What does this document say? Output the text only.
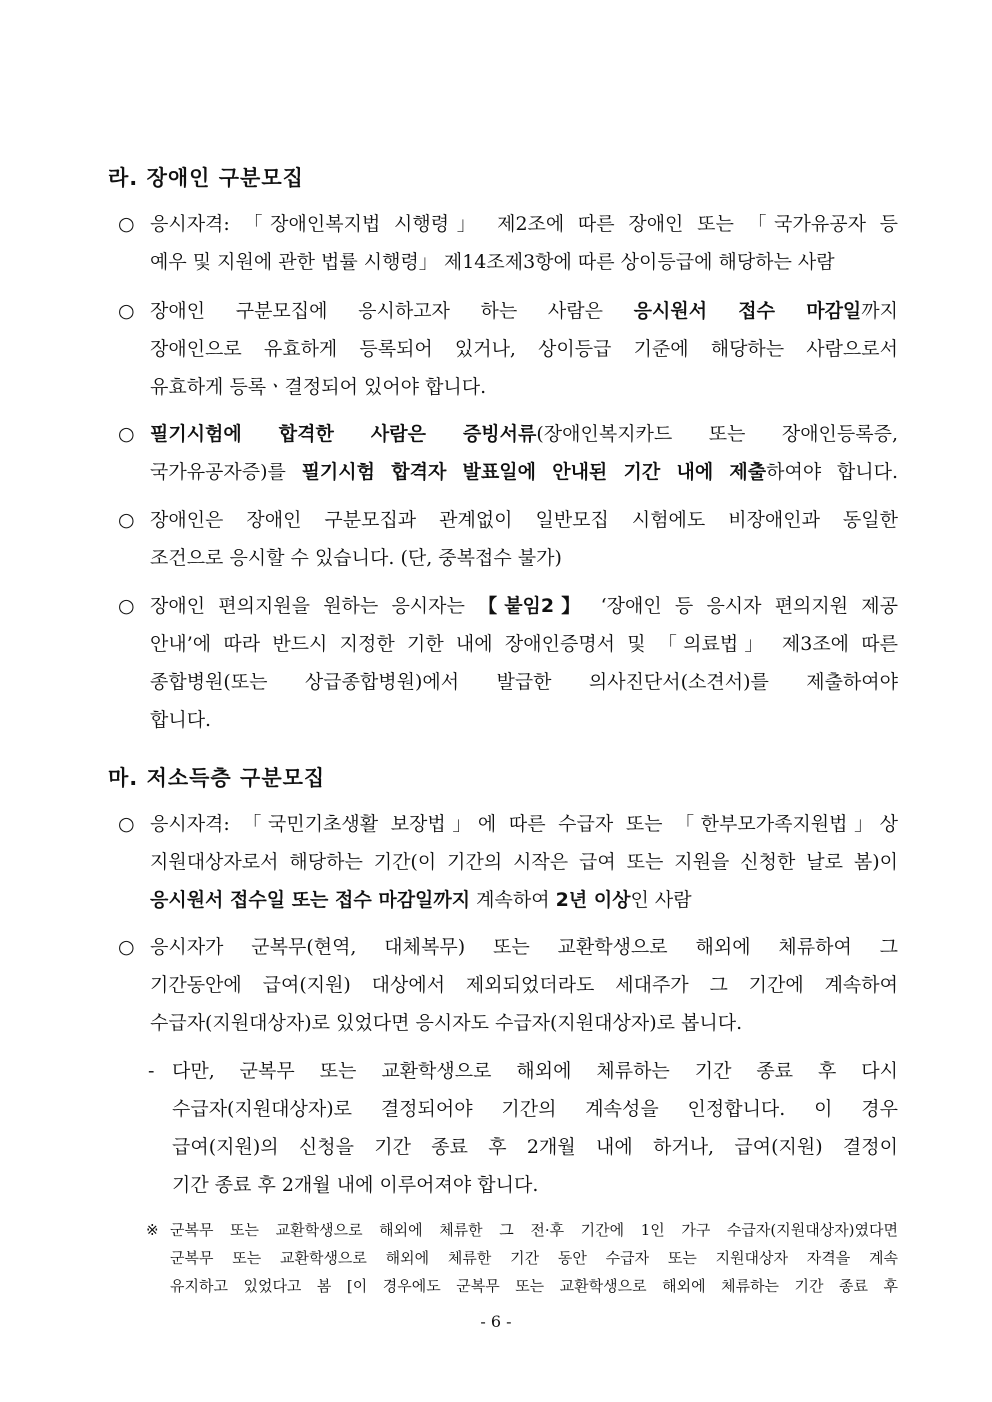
라. 장애인 구분모집
○ 응시자격: 「장애인복지법 시행령」 제2조에 따른 장애인 또는 「국가유공자 등
예우 및 지원에 관한 법률 시행령」 제14조제3항에 따른 상이등급에 해당하는 사람
○ 장애인 구분모집에 응시하고자 하는 사람은 응시원서 접수 마감일까지
장애인으로 유효하게 등록되어 있거나, 상이등급 기준에 해당하는 사람으로서
유효하게 등록ㆍ결정되어 있어야 합니다.
○ 필기시험에 합격한 사람은 증빙서류(장애인복지카드 또는 장애인등록증,
국가유공자증)를 필기시험 합격자 발표일에 안내된 기간 내에 제출하여야 합니다.
○ 장애인은 장애인 구분모집과 관계없이 일반모집 시험에도 비장애인과 동일한
조건으로 응시할 수 있습니다. (단, 중복접수 불가)
○ 장애인 편의지원을 원하는 응시자는 【붙임2】 ‘장애인 등 응시자 편의지원 제공
안내’에 따라 반드시 지정한 기한 내에 장애인증명서 및 「의료법」 제3조에 따른
종합병원(또는 상급종합병원)에서 발급한 의사진단서(소견서)를 제출하여야
합니다.
마. 저소득층 구분모집
○ 응시자격: 「국민기초생활 보장법」에 따른 수급자 또는 「한부모가족지원법」상
지원대상자로서 해당하는 기간(이 기간의 시작은 급여 또는 지원을 신청한 날로 봄)이
응시원서 접수일 또는 접수 마감일까지 계속하여 2년 이상인 사람
○ 응시자가 군복무(현역, 대체복무) 또는 교환학생으로 해외에 체류하여 그
기간동안에 급여(지원) 대상에서 제외되었더라도 세대주가 그 기간에 계속하여
수급자(지원대상자)로 있었다면 응시자도 수급자(지원대상자)로 봅니다.
- 다만, 군복무 또는 교환학생으로 해외에 체류하는 기간 종료 후 다시
수급자(지원대상자)로 결정되어야 기간의 계속성을 인정합니다. 이 경우
급여(지원)의 신청을 기간 종료 후 2개월 내에 하거나, 급여(지원) 결정이
기간 종료 후 2개월 내에 이루어져야 합니다.
※ 군복무 또는 교환학생으로 해외에 체류한 그 전·후 기간에 1인 가구 수급자(지원대상자)였다면
군복무 또는 교환학생으로 해외에 체류한 기간 동안 수급자 또는 지원대상자 자격을 계속
유지하고 있었다고 봄 [이 경우에도 군복무 또는 교환학생으로 해외에 체류하는 기간 종료 후
- 6 -
